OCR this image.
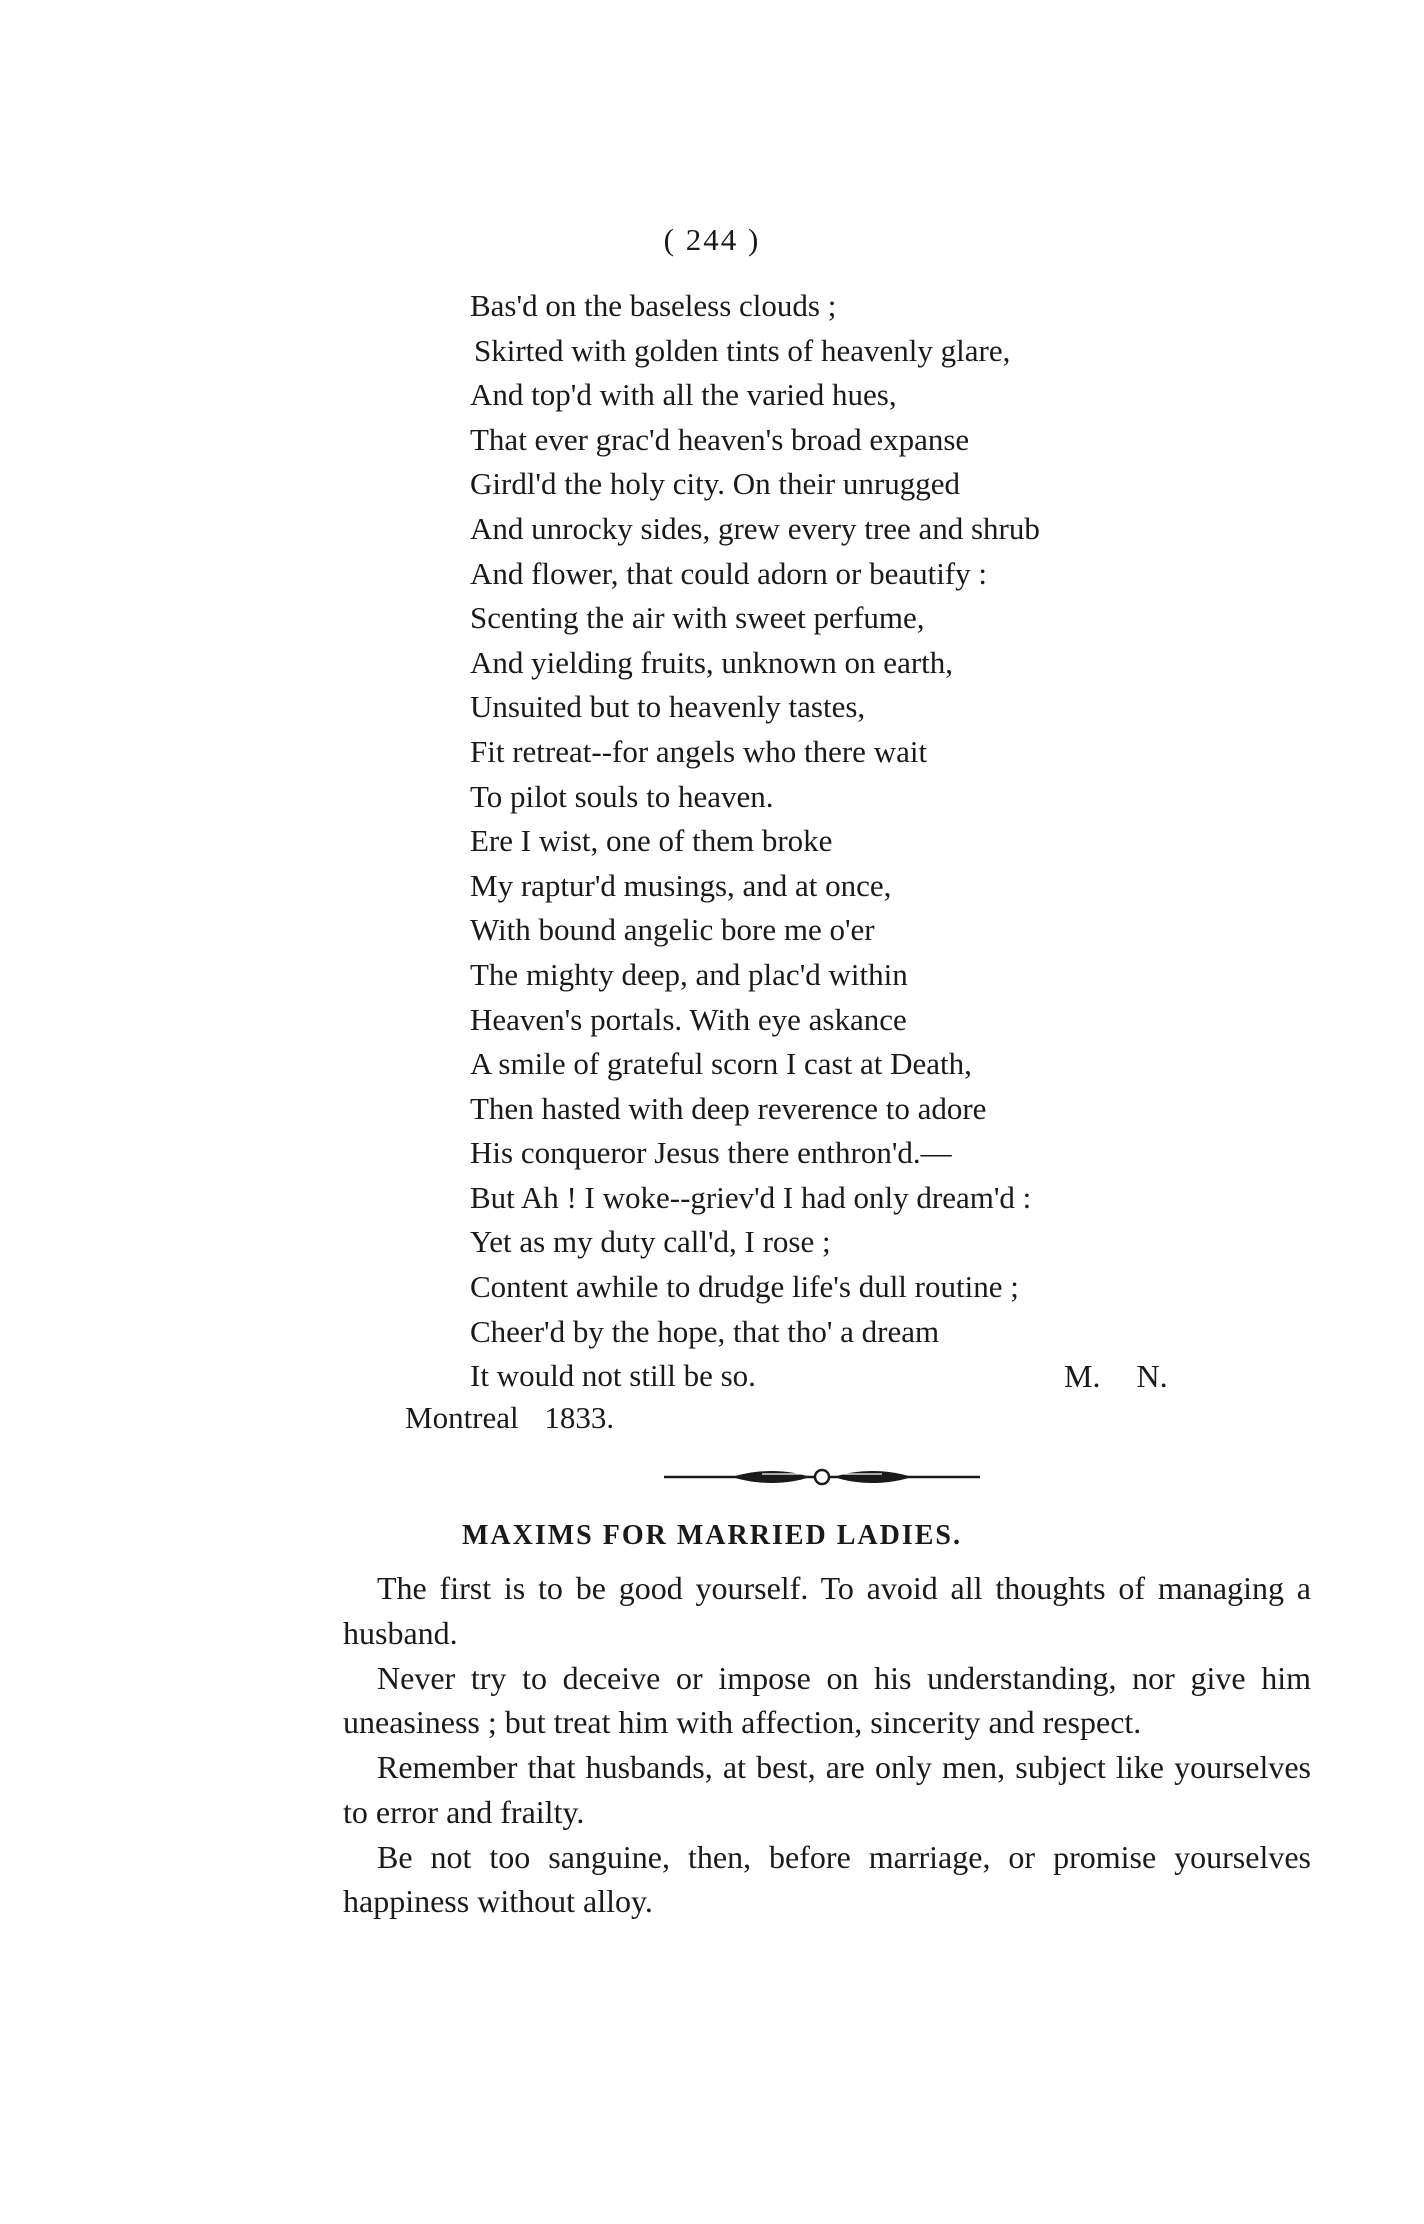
( 244 )
Bas'd on the baseless clouds ;
Skirted with golden tints of heavenly glare,
And top'd with all the varied hues,
That ever grac'd heaven's broad expanse
Girdl'd the holy city. On their unrugged
And unrocky sides, grew every tree and shrub
And flower, that could adorn or beautify :
Scenting the air with sweet perfume,
And yielding fruits, unknown on earth,
Unsuited but to heavenly tastes,
Fit retreat--for angels who there wait
To pilot souls to heaven.
Ere I wist, one of them broke
My raptur'd musings, and at once,
With bound angelic bore me o'er
The mighty deep, and plac'd within
Heaven's portals. With eye askance
A smile of grateful scorn I cast at Death,
Then hasted with deep reverence to adore
His conqueror Jesus there enthron'd.—
But Ah ! I woke--griev'd I had only dream'd :
Yet as my duty call'd, I rose ;
Content awhile to drudge life's dull routine ;
Cheer'd by the hope, that tho' a dream
It would not still be so.	M. N.
Montreal 1833.
MAXIMS FOR MARRIED LADIES.

The first is to be good yourself. To avoid all thoughts of managing a husband.

Never try to deceive or impose on his understanding, nor give him uneasiness ; but treat him with affection, sincerity and respect.

Remember that husbands, at best, are only men, subject like yourselves to error and frailty.

Be not too sanguine, then, before marriage, or promise yourselves happiness without alloy.
